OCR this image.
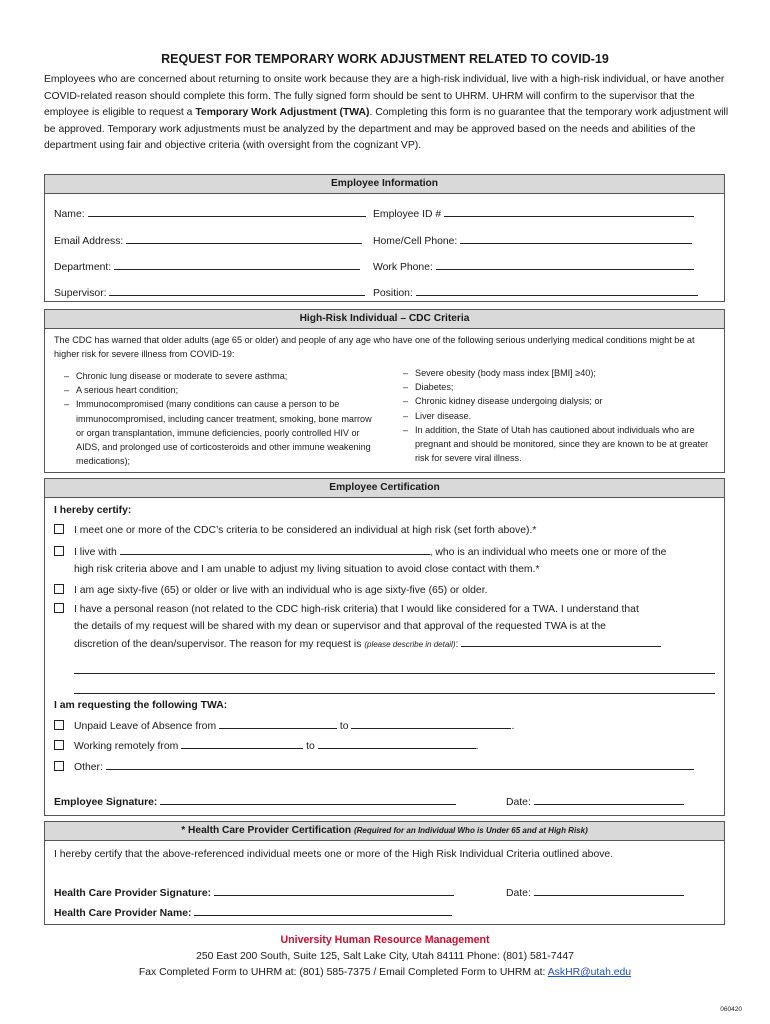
REQUEST FOR TEMPORARY WORK ADJUSTMENT RELATED TO COVID-19
Employees who are concerned about returning to onsite work because they are a high-risk individual, live with a high-risk individual, or have another COVID-related reason should complete this form. The fully signed form should be sent to UHRM. UHRM will confirm to the supervisor that the employee is eligible to request a Temporary Work Adjustment (TWA). Completing this form is no guarantee that the temporary work adjustment will be approved. Temporary work adjustments must be analyzed by the department and may be approved based on the needs and abilities of the department using fair and objective criteria (with oversight from the cognizant VP).
Employee Information
Name:	Employee ID #
Email Address:	Home/Cell Phone:
Department:	Work Phone:
Supervisor:	Position:
High-Risk Individual – CDC Criteria
The CDC has warned that older adults (age 65 or older) and people of any age who have one of the following serious underlying medical conditions might be at higher risk for severe illness from COVID-19:
– Chronic lung disease or moderate to severe asthma;
– A serious heart condition;
– Immunocompromised (many conditions can cause a person to be immunocompromised, including cancer treatment, smoking, bone marrow or organ transplantation, immune deficiencies, poorly controlled HIV or AIDS, and prolonged use of corticosteroids and other immune weakening medications);
– Severe obesity (body mass index [BMI] ≥40);
– Diabetes;
– Chronic kidney disease undergoing dialysis; or
– Liver disease.
– In addition, the State of Utah has cautioned about individuals who are pregnant and should be monitored, since they are known to be at greater risk for severe viral illness.
Employee Certification
I hereby certify:
I meet one or more of the CDC’s criteria to be considered an individual at high risk (set forth above).*
I live with	, who is an individual who meets one or more of the
high risk criteria above and I am unable to adjust my living situation to avoid close contact with them.*
I am age sixty-five (65) or older or live with an individual who is age sixty-five (65) or older.
I have a personal reason (not related to the CDC high-risk criteria) that I would like considered for a TWA. I understand that
the details of my request will be shared with my dean or supervisor and that approval of the requested TWA is at the
discretion of the dean/supervisor. The reason for my request is (please describe in detail):
I am requesting the following TWA:
Unpaid Leave of Absence from	to	.
Working remotely from	to	.
Other:
Employee Signature:	Date:
* Health Care Provider Certification (Required for an Individual Who is Under 65 and at High Risk)
I hereby certify that the above-referenced individual meets one or more of the High Risk Individual Criteria outlined above.
Health Care Provider Signature:	Date:
Health Care Provider Name:
University Human Resource Management
250 East 200 South, Suite 125, Salt Lake City, Utah 84111 Phone: (801) 581-7447
Fax Completed Form to UHRM at: (801) 585-7375 / Email Completed Form to UHRM at: AskHR@utah.edu
060420
